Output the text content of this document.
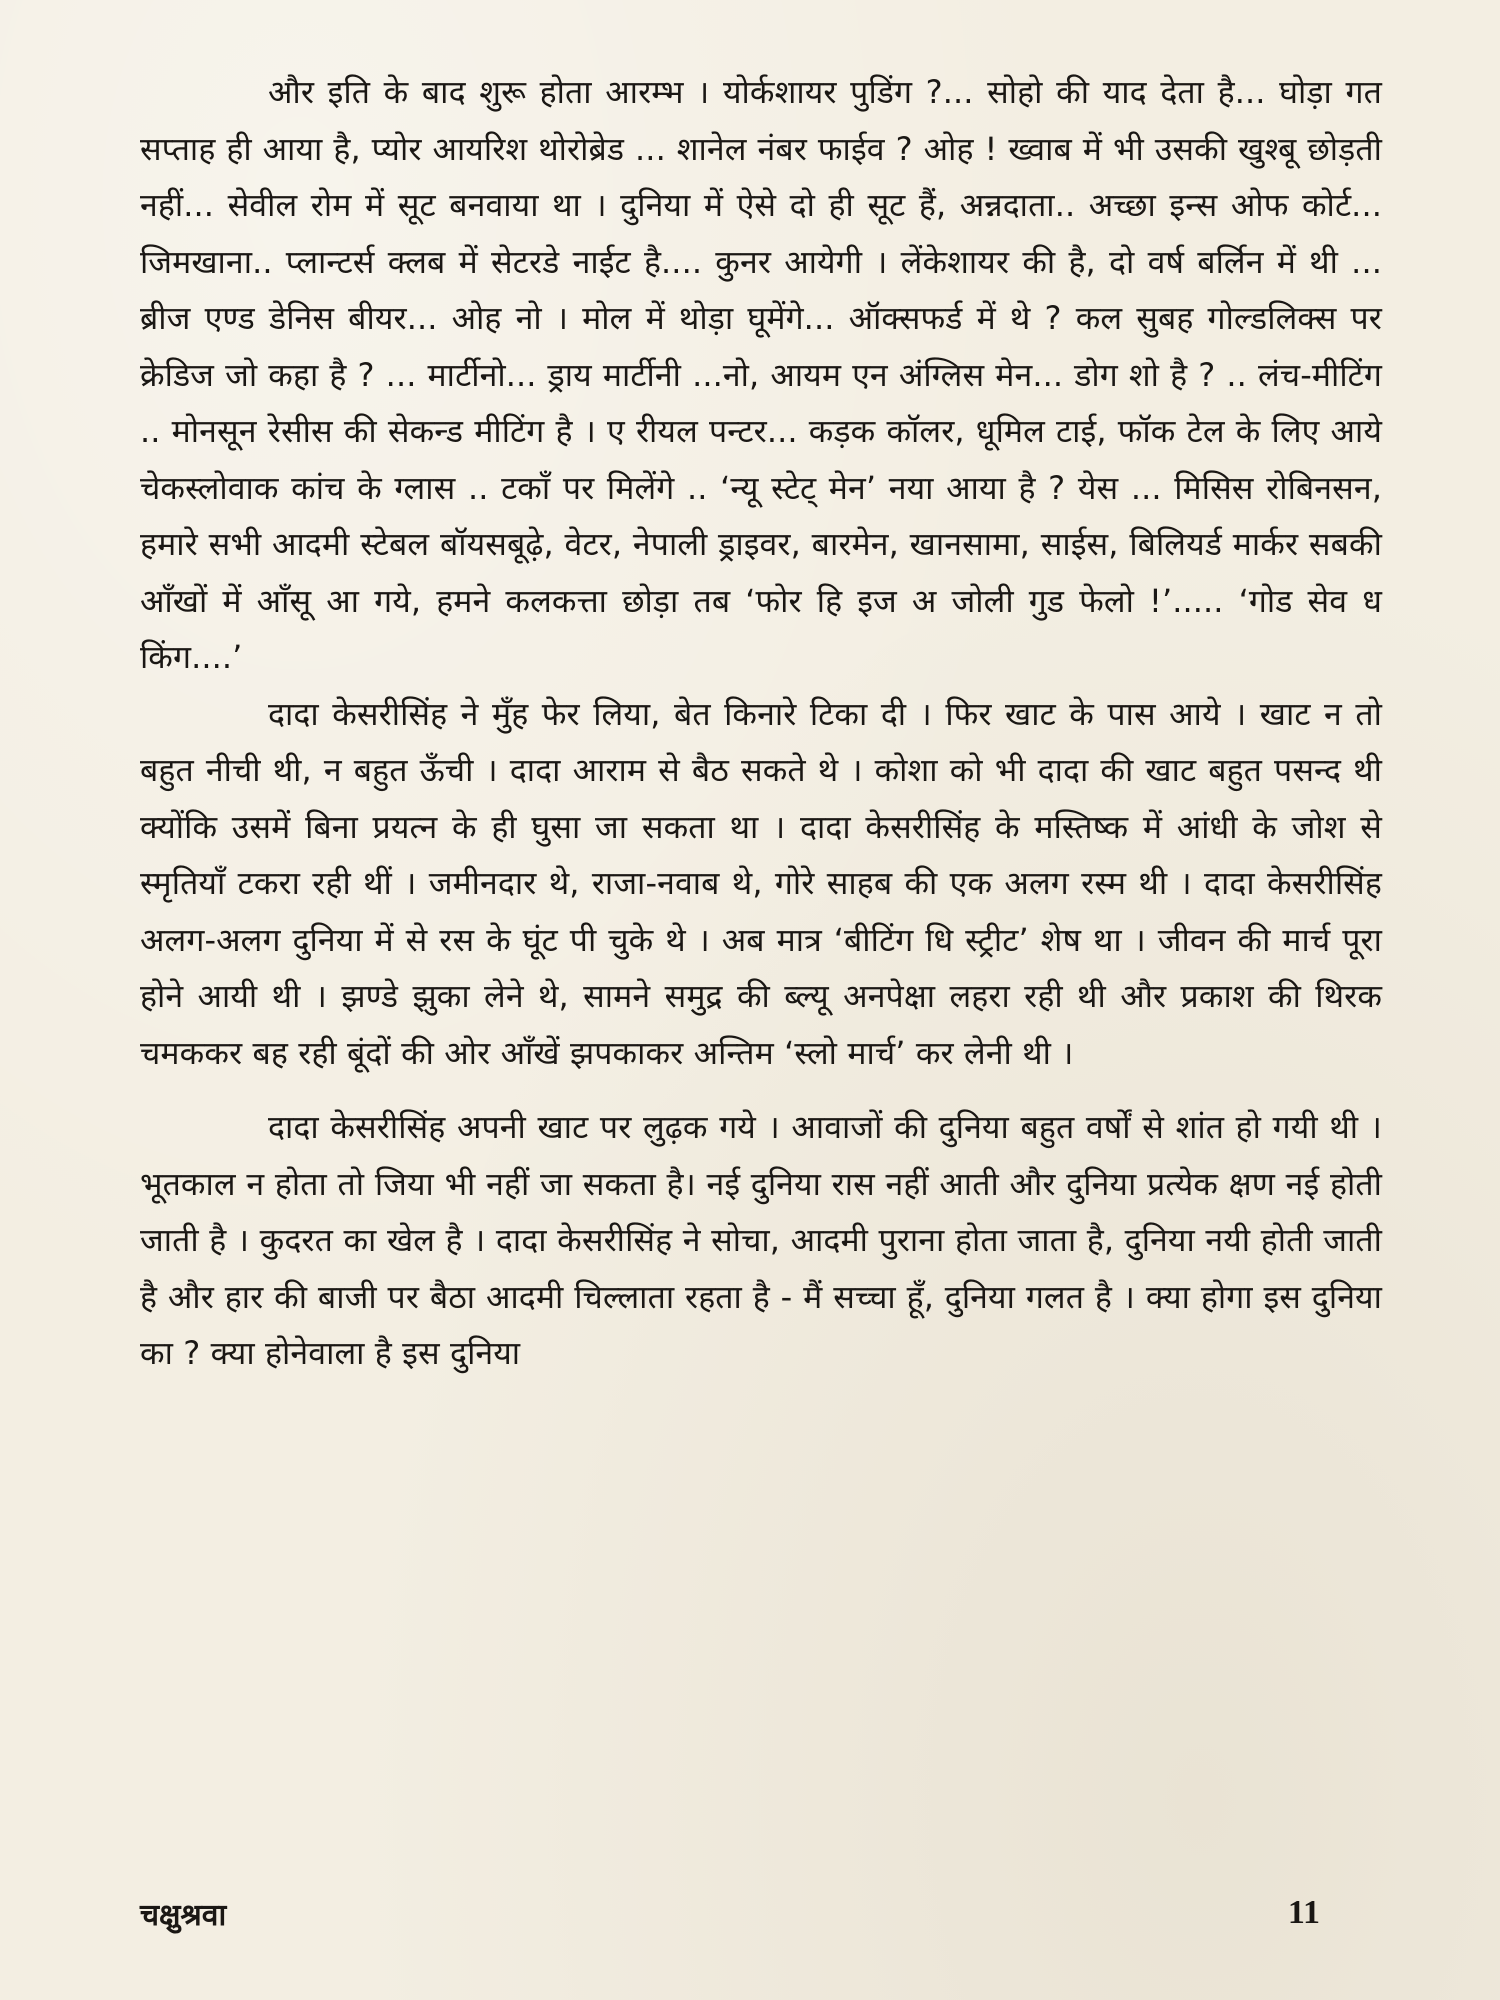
और इति के बाद शुरू होता आरम्भ । योर्कशायर पुडिंग ?... सोहो की याद देता है... घोड़ा गत सप्ताह ही आया है, प्योर आयरिश थोरोब्रेड ... शानेल नंबर फाईव ? ओह ! ख्वाब में भी उसकी खुश्बू छोड़ती नहीं... सेवील रोम में सूट बनवाया था । दुनिया में ऐसे दो ही सूट हैं, अन्नदाता.. अच्छा इन्स ओफ कोर्ट... जिमखाना.. प्लान्टर्स क्लब में सेटरडे नाईट है.... कुनर आयेगी । लेंकेशायर की है, दो वर्ष बर्लिन में थी ... ब्रीज एण्ड डेनिस बीयर... ओह नो । मोल में थोड़ा घूमेंगे... ऑक्सफर्ड में थे ? कल सुबह गोल्डलिक्स पर क्रेडिज जो कहा है ? ... मार्टीनो... ड्राय मार्टीनी ...नो, आयम एन अंग्लिस मेन... डोग शो है ? .. लंच-मीटिंग .. मोनसून रेसीस की सेकन्ड मीटिंग है । ए रीयल पन्टर... कड़क कॉलर, धूमिल टाई, फॉक टेल के लिए आये चेकस्लोवाक कांच के ग्लास .. टकाँ पर मिलेंगे .. ‘न्यू स्टेट् मेन’ नया आया है ? येस ... मिसिस रोबिनसन, हमारे सभी आदमी स्टेबल बॉयसबूढ़े, वेटर, नेपाली ड्राइवर, बारमेन, खानसामा, साईस, बिलियर्ड मार्कर सबकी आँखों में आँसू आ गये, हमने कलकत्ता छोड़ा तब ‘फोर हि इज अ जोली गुड फेलो !’..... ‘गोड सेव ध किंग....’

दादा केसरीसिंह ने मुँह फेर लिया, बेत किनारे टिका दी । फिर खाट के पास आये । खाट न तो बहुत नीची थी, न बहुत ऊँची । दादा आराम से बैठ सकते थे । कोशा को भी दादा की खाट बहुत पसन्द थी क्योंकि उसमें बिना प्रयत्न के ही घुसा जा सकता था । दादा केसरीसिंह के मस्तिष्क में आंधी के जोश से स्मृतियाँ टकरा रही थीं । जमीनदार थे, राजा-नवाब थे, गोरे साहब की एक अलग रस्म थी । दादा केसरीसिंह अलग-अलग दुनिया में से रस के घूंट पी चुके थे । अब मात्र ‘बीटिंग धि स्ट्रीट’ शेष था । जीवन की मार्च पूरा होने आयी थी । झण्डे झुका लेने थे, सामने समुद्र की ब्ल्यू अनपेक्षा लहरा रही थी और प्रकाश की थिरक चमककर बह रही बूंदों की ओर आँखें झपकाकर अन्तिम ‘स्लो मार्च’ कर लेनी थी ।

दादा केसरीसिंह अपनी खाट पर लुढ़क गये । आवाजों की दुनिया बहुत वर्षों से शांत हो गयी थी । भूतकाल न होता तो जिया भी नहीं जा सकता है। नई दुनिया रास नहीं आती और दुनिया प्रत्येक क्षण नई होती जाती है । कुदरत का खेल है । दादा केसरीसिंह ने सोचा, आदमी पुराना होता जाता है, दुनिया नयी होती जाती है और हार की बाजी पर बैठा आदमी चिल्लाता रहता है - मैं सच्चा हूँ, दुनिया गलत है । क्या होगा इस दुनिया का ? क्या होनेवाला है इस दुनिया

चक्षुश्रवा	11
